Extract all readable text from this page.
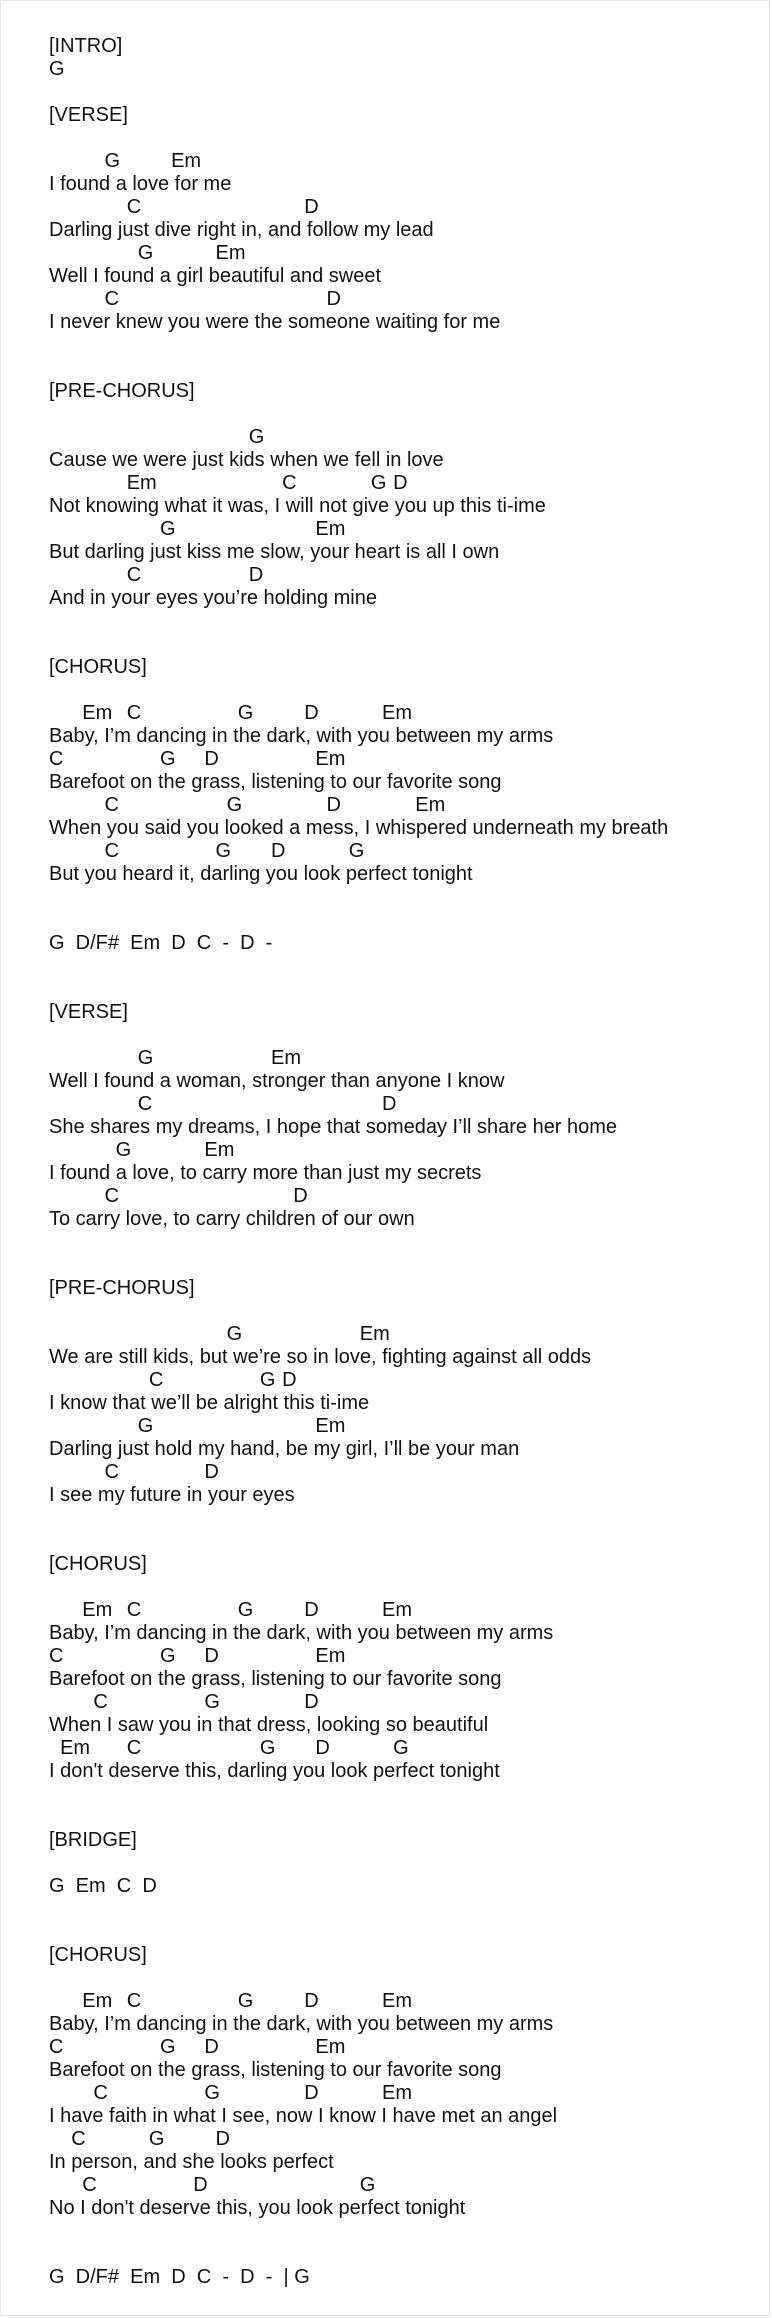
[INTRO]
G
[VERSE]
G	Em
I found a love for me
C	D
Darling just dive right in, and follow my lead
G	Em
Well I found a girl beautiful and sweet
C	D
I never knew you were the someone waiting for me
[PRE-CHORUS]
G
Cause we were just kids when we fell in love
Em	C	G D
Not knowing what it was, I will not give you up this ti-ime
G	Em
But darling just kiss me slow, your heart is all I own
C	D
And in your eyes you’re holding mine
[CHORUS]
Em C	G	D	Em
Baby, I’m dancing in the dark, with you between my arms
C	G D	Em
Barefoot on the grass, listening to our favorite song
C	G	D	Em
When you said you looked a mess, I whispered underneath my breath
C	G D	G
But you heard it, darling you look perfect tonight
G  D/F#  Em  D  C  -  D  -
[VERSE]
G	Em
Well I found a woman, stronger than anyone I know
C	D
She shares my dreams, I hope that someday I’ll share her home
G	Em
I found a love, to carry more than just my secrets
C	D
To carry love, to carry children of our own
[PRE-CHORUS]
G	Em
We are still kids, but we’re so in love, fighting against all odds
C	G D
I know that we’ll be alright this ti-ime
G	Em
Darling just hold my hand, be my girl, I’ll be your man
C	D
I see my future in your eyes
[CHORUS]
Em C	G	D	Em
Baby, I’m dancing in the dark, with you between my arms
C	G D	Em
Barefoot on the grass, listening to our favorite song
C	G	D
When I saw you in that dress, looking so beautiful
Em C	G D	G
I don't deserve this, darling you look perfect tonight
[BRIDGE]
G  Em  C  D
[CHORUS]
Em C	G	D	Em
Baby, I’m dancing in the dark, with you between my arms
C	G D	Em
Barefoot on the grass, listening to our favorite song
C	G	D	Em
I have faith in what I see, now I know I have met an angel
C	G	D
In person, and she looks perfect
C	D	G
No I don't deserve this, you look perfect tonight
G  D/F#  Em  D  C  -  D  -  | G
